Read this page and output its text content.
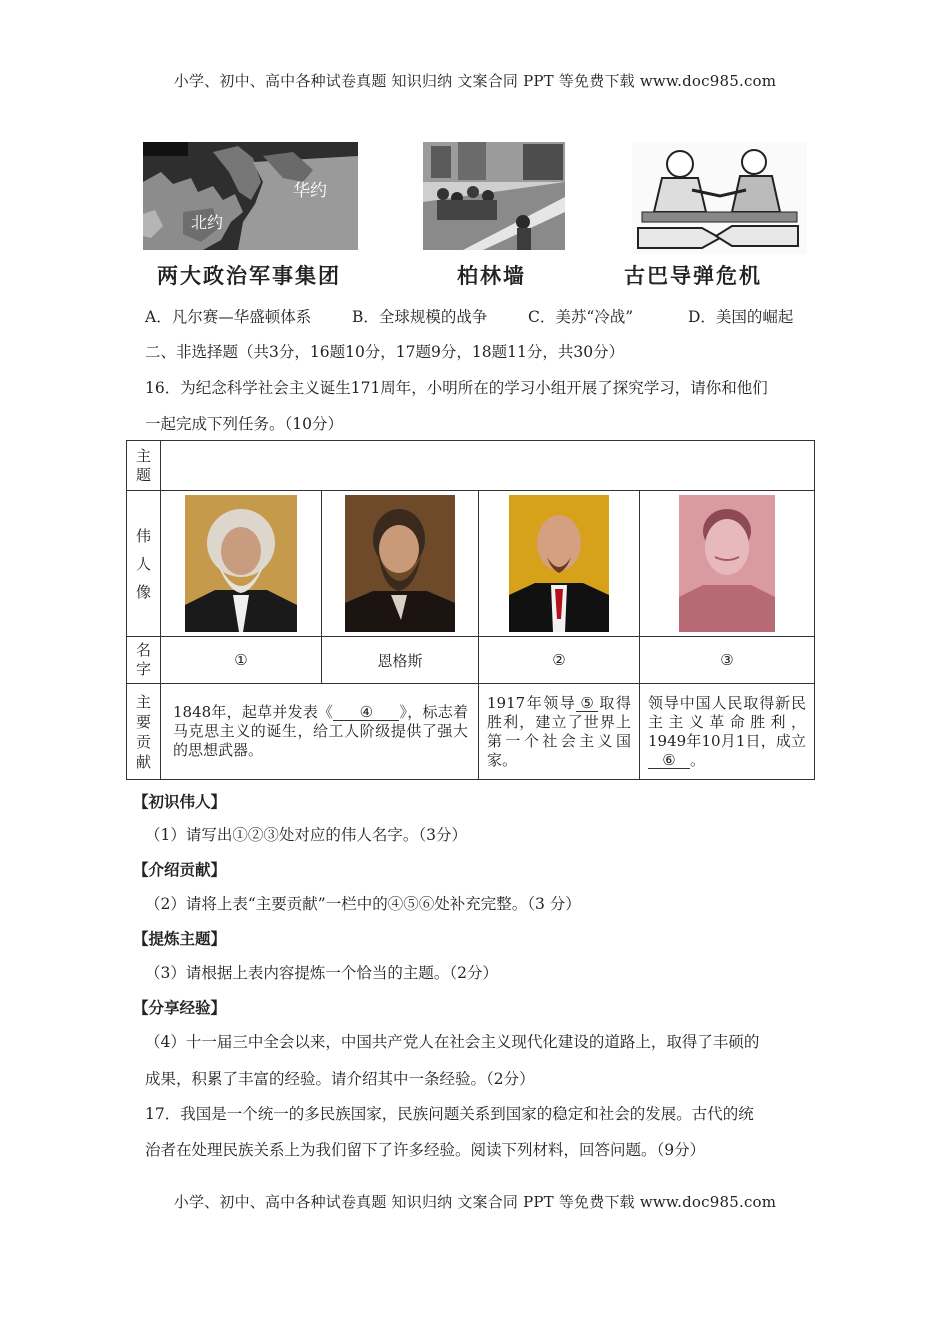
小学、初中、高中各种试卷真题 知识归纳 文案合同 PPT 等免费下载 www.doc985.com
华约
北约
两大政治军事集团	柏林墙	古巴导弹危机
A．凡尔赛—华盛顿体系	B．全球规模的战争	C．美苏“冷战”	D．美国的崛起
二、非选择题（共3分，16题10分，17题9分，18题11分，共30分）
16．为纪念科学社会主义诞生171周年，小明所在的学习小组开展了探究学习，请你和他们
一起完成下列任务。（10分）
主题				
伟人像	

名字	①	恩格斯	②	③
主要贡献	1848年，起草并发表《 ④ 》，标志着马克思主义的诞生，给工人阶级提供了强大的思想武器。		1917年领导 ⑤ 取得胜利，建立了世界上第一个社会主义国家。	领导中国人民取得新民主主义革命胜利，1949年10月1日，成立⑥ 。
【初识伟人】
（1）请写出①②③处对应的伟人名字。（3分）
【介绍贡献】
（2）请将上表“主要贡献”一栏中的④⑤⑥处补充完整。（3 分）
【提炼主题】
（3）请根据上表内容提炼一个恰当的主题。（2分）
【分享经验】
（4）十一届三中全会以来，中国共产党人在社会主义现代化建设的道路上，取得了丰硕的
成果，积累了丰富的经验。请介绍其中一条经验。（2分）
17．我国是一个统一的多民族国家，民族问题关系到国家的稳定和社会的发展。古代的统
治者在处理民族关系上为我们留下了许多经验。阅读下列材料，回答问题。（9分）
小学、初中、高中各种试卷真题 知识归纳 文案合同 PPT 等免费下载 www.doc985.com
